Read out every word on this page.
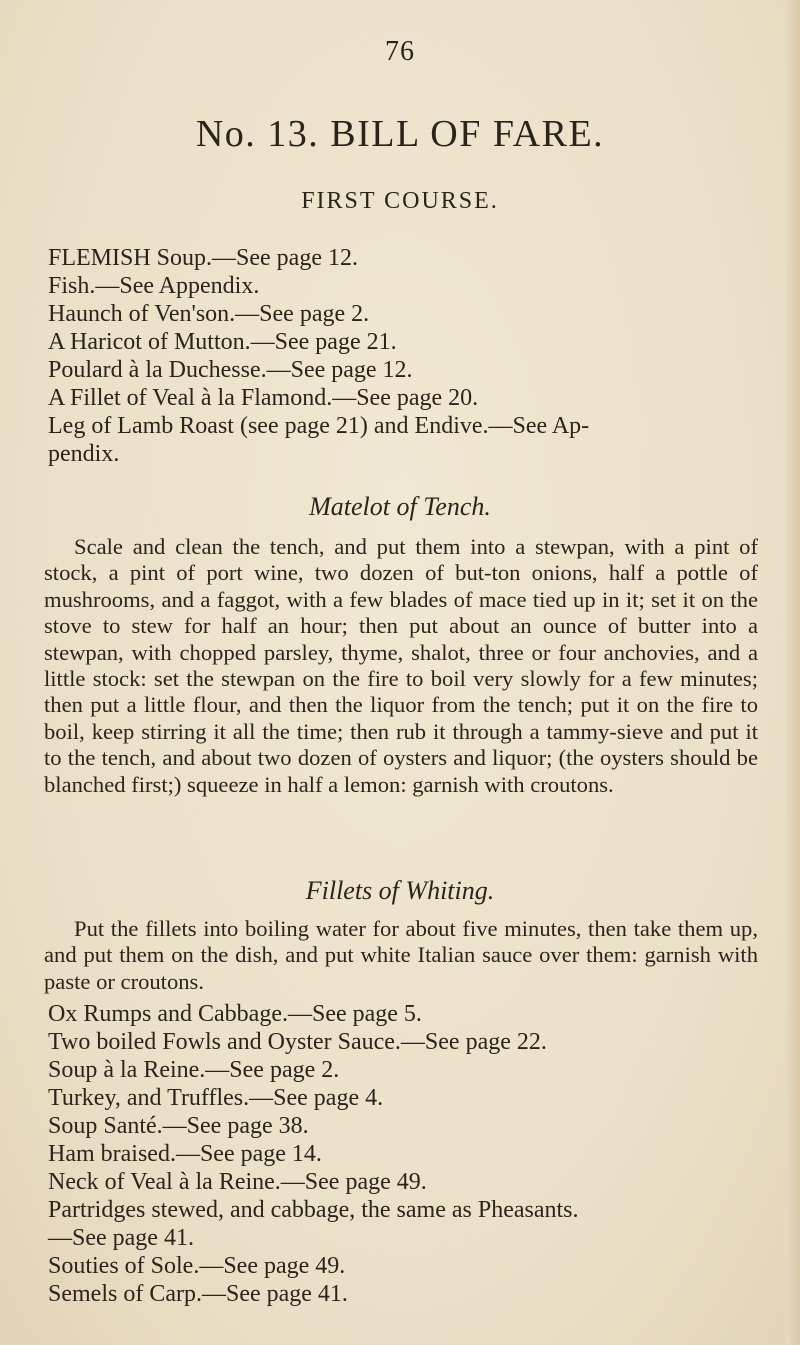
76
No. 13. BILL OF FARE.
FIRST COURSE.
FLEMISH Soup.—See page 12.
Fish.—See Appendix.
Haunch of Ven'son.—See page 2.
A Haricot of Mutton.—See page 21.
Poulard à la Duchesse.—See page 12.
A Fillet of Veal à la Flamond.—See page 20.
Leg of Lamb Roast (see page 21) and Endive.—See Ap-
pendix.
Matelot of Tench.
Scale and clean the tench, and put them into a stewpan, with a pint of stock, a pint of port wine, two dozen of but-ton onions, half a pottle of mushrooms, and a faggot, with a few blades of mace tied up in it; set it on the stove to stew for half an hour; then put about an ounce of butter into a stewpan, with chopped parsley, thyme, shalot, three or four anchovies, and a little stock: set the stewpan on the fire to boil very slowly for a few minutes; then put a little flour, and then the liquor from the tench; put it on the fire to boil, keep stirring it all the time; then rub it through a tammy-sieve and put it to the tench, and about two dozen of oysters and liquor; (the oysters should be blanched first;) squeeze in half a lemon: garnish with croutons.
Fillets of Whiting.
Put the fillets into boiling water for about five minutes, then take them up, and put them on the dish, and put white Italian sauce over them: garnish with paste or croutons.
Ox Rumps and Cabbage.—See page 5.
Two boiled Fowls and Oyster Sauce.—See page 22.
Soup à la Reine.—See page 2.
Turkey, and Truffles.—See page 4.
Soup Santé.—See page 38.
Ham braised.—See page 14.
Neck of Veal à la Reine.—See page 49.
Partridges stewed, and cabbage, the same as Pheasants.
—See page 41.
Souties of Sole.—See page 49.
Semels of Carp.—See page 41.
